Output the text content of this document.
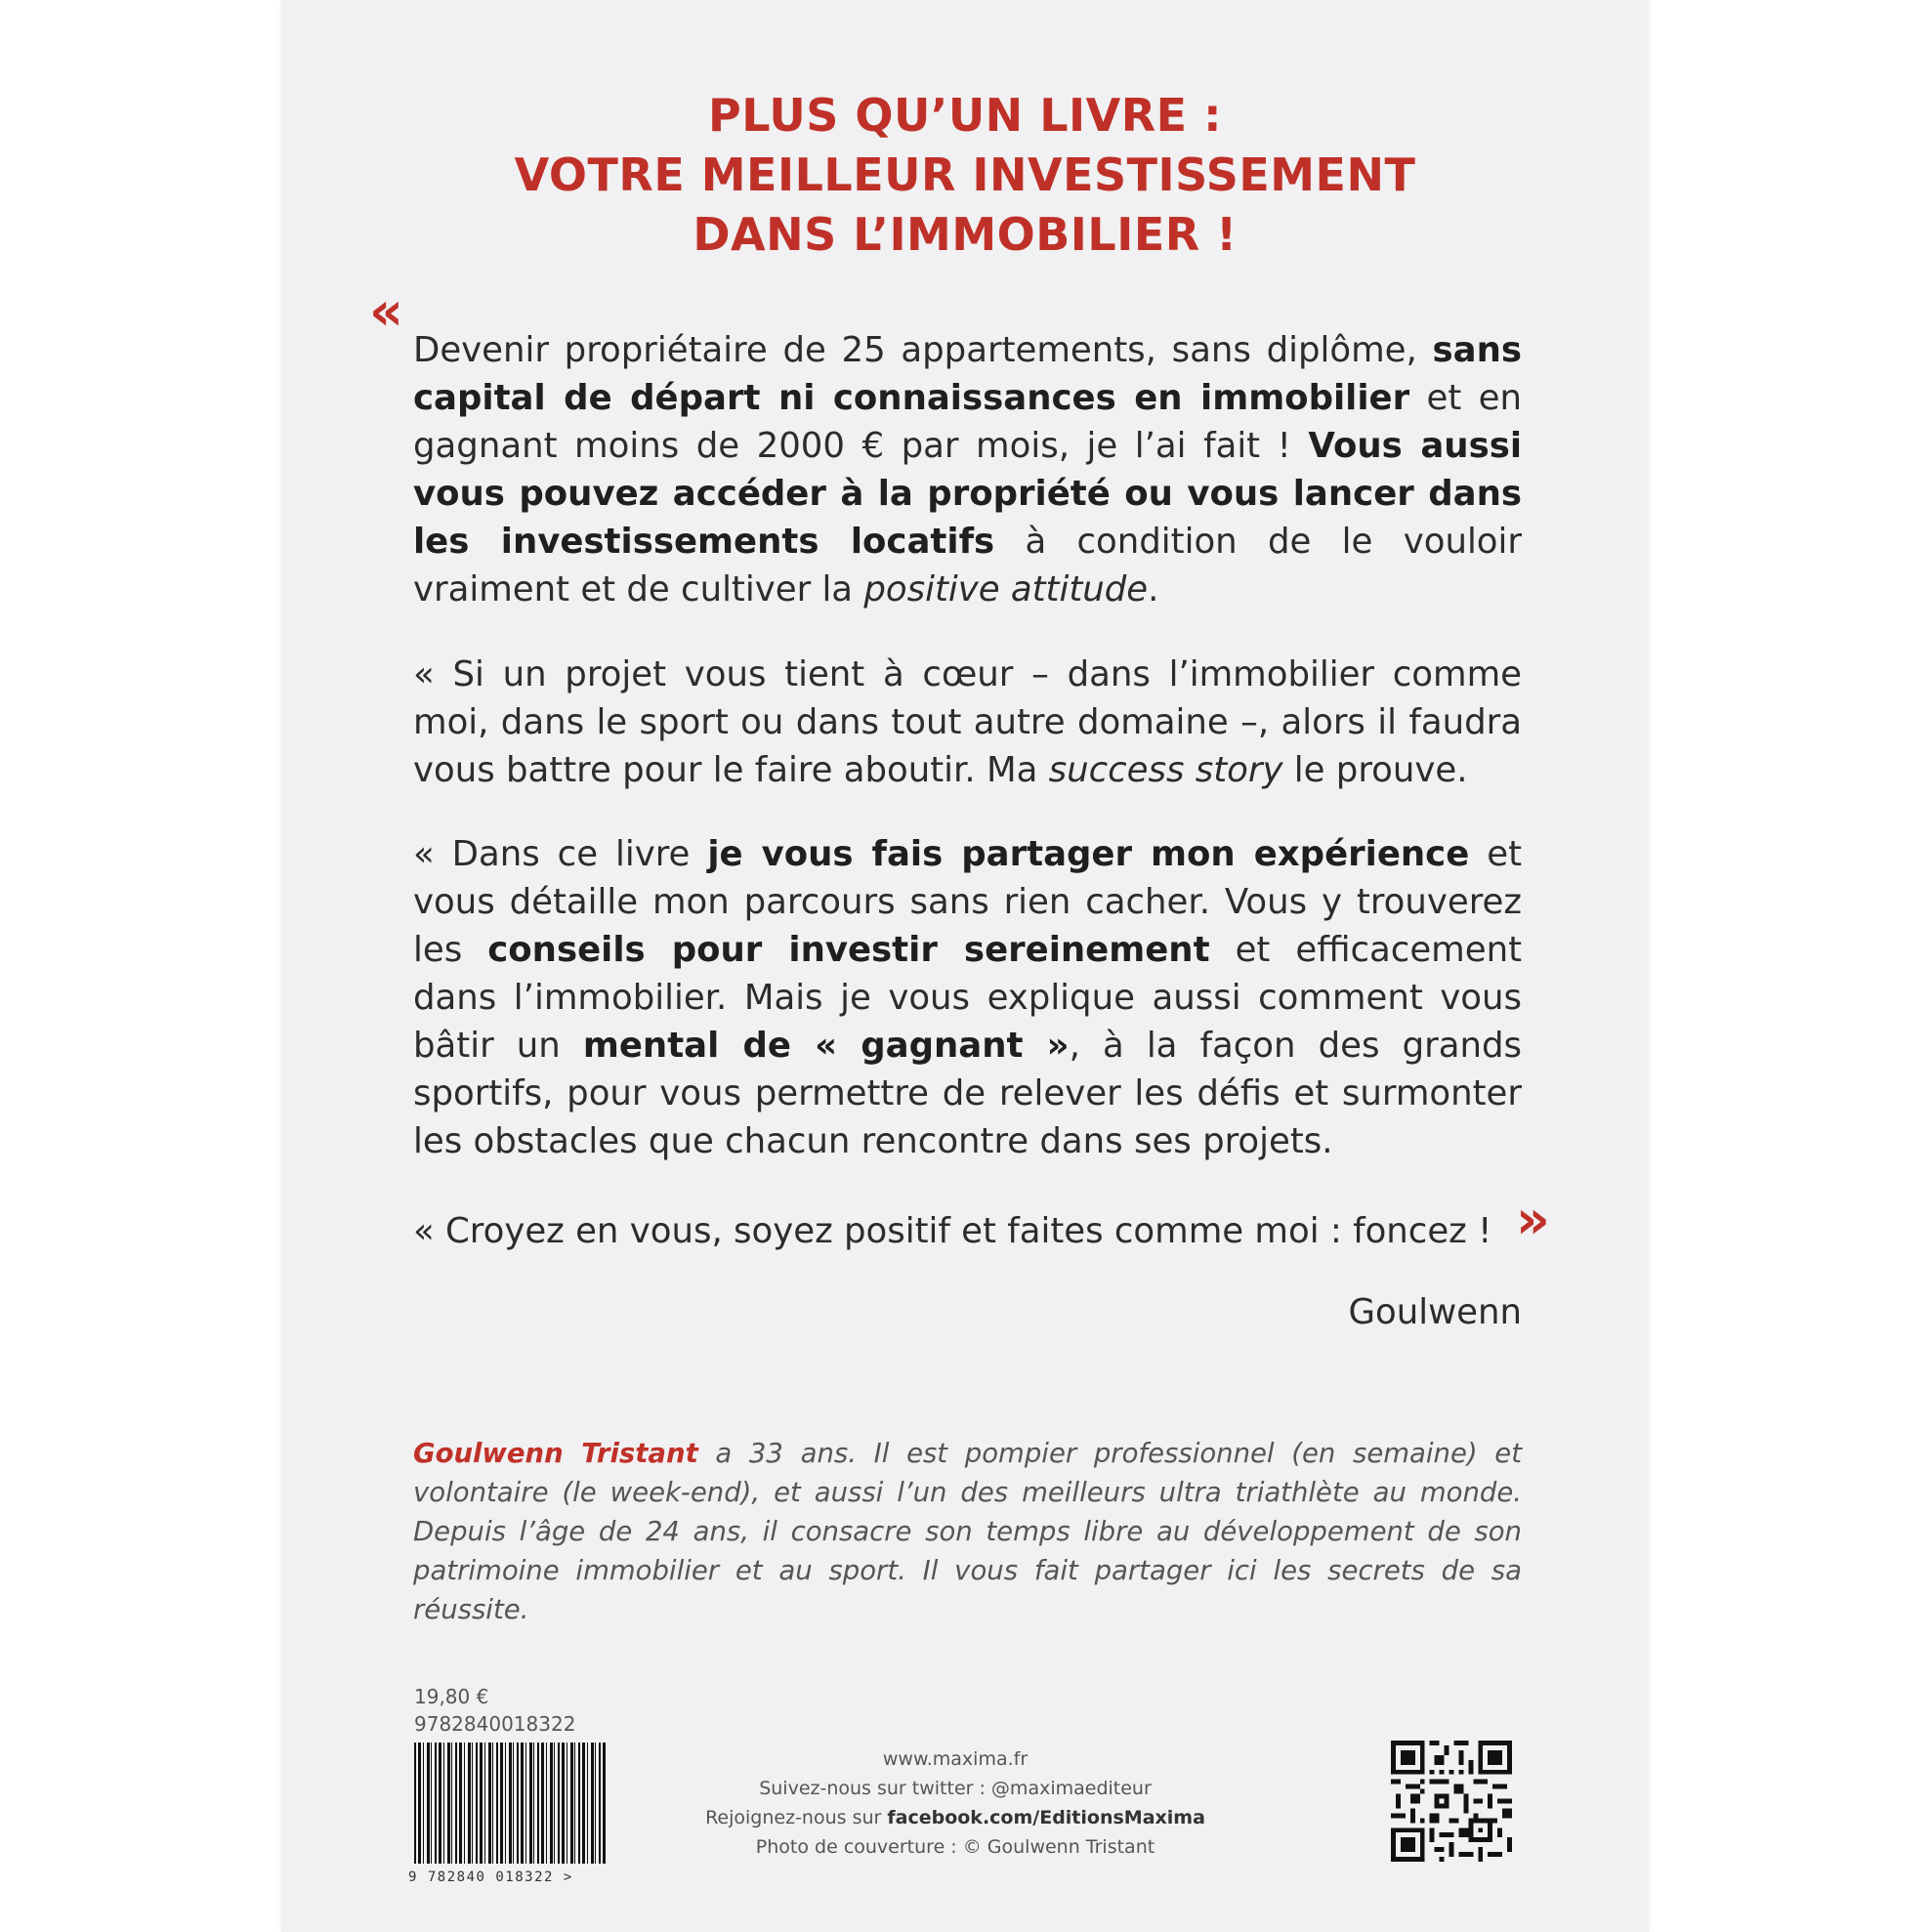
PLUS QU’UN LIVRE :
VOTRE MEILLEUR INVESTISSEMENT
DANS L’IMMOBILIER !
«

Devenir propriétaire de 25 appartements, sans diplôme, sans capital de départ ni connaissances en immobilier et en gagnant moins de 2000 € par mois, je l’ai fait ! Vous aussi vous pouvez accéder à la propriété ou vous lancer dans les investissements locatifs à condition de le vouloir vraiment et de cultiver la positive attitude.

« Si un projet vous tient à cœur – dans l’immobilier comme moi, dans le sport ou dans tout autre domaine –, alors il faudra vous battre pour le faire aboutir. Ma success story le prouve.

« Dans ce livre je vous fais partager mon expérience et vous détaille mon parcours sans rien cacher. Vous y trouverez les conseils pour investir sereinement et efficacement dans l’immobilier. Mais je vous explique aussi comment vous bâtir un mental de « gagnant », à la façon des grands sportifs, pour vous permettre de relever les défis et surmonter les obstacles que chacun rencontre dans ses projets.

« Croyez en vous, soyez positif et faites comme moi : foncez ! »
Goulwenn

Goulwenn Tristant a 33 ans. Il est pompier professionnel (en semaine) et volontaire (le week-end), et aussi l’un des meilleurs ultra triathlète au monde. Depuis l’âge de 24 ans, il consacre son temps libre au développement de son patrimoine immobilier et au sport. Il vous fait partager ici les secrets de sa réussite.

19,80 €
9782840018322
9 782840 018322 >
www.maxima.fr
Suivez-nous sur twitter : @maximaediteur
Rejoignez-nous sur facebook.com/EditionsMaxima
Photo de couverture : © Goulwenn Tristant
